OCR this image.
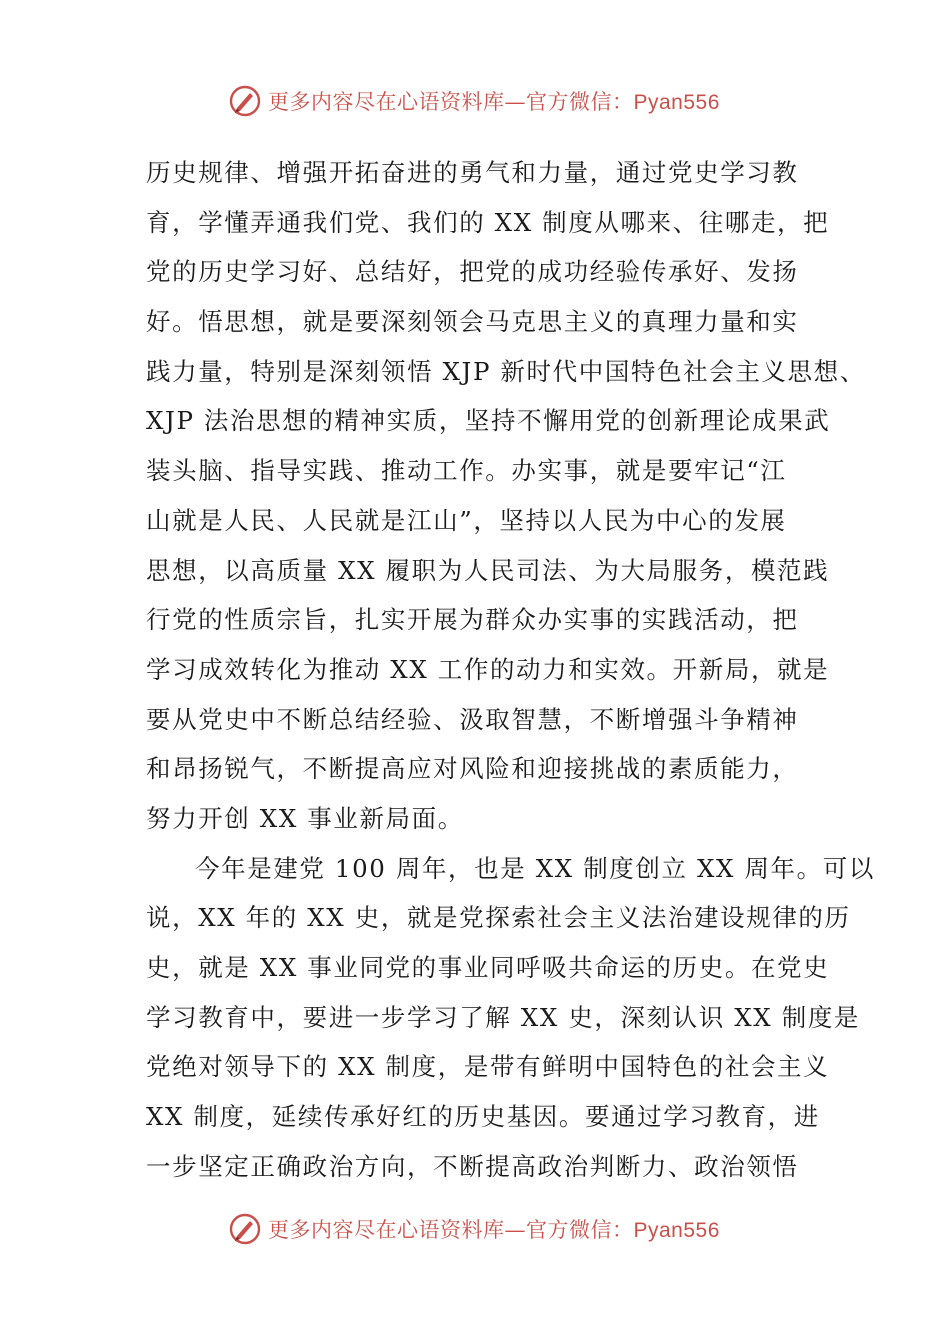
更多内容尽在心语资料库—官方微信：Pyan556
历史规律、增强开拓奋进的勇气和力量，通过党史学习教
育，学懂弄通我们党、我们的 XX 制度从哪来、往哪走，把
党的历史学习好、总结好，把党的成功经验传承好、发扬
好。悟思想，就是要深刻领会马克思主义的真理力量和实
践力量，特别是深刻领悟 XJP 新时代中国特色社会主义思想、
XJP 法治思想的精神实质，坚持不懈用党的创新理论成果武
装头脑、指导实践、推动工作。办实事，就是要牢记“江
山就是人民、人民就是江山”，坚持以人民为中心的发展
思想，以高质量 XX 履职为人民司法、为大局服务，模范践
行党的性质宗旨，扎实开展为群众办实事的实践活动，把
学习成效转化为推动 XX 工作的动力和实效。开新局，就是
要从党史中不断总结经验、汲取智慧，不断增强斗争精神
和昂扬锐气，不断提高应对风险和迎接挑战的素质能力，
努力开创 XX 事业新局面。
今年是建党 100 周年，也是 XX 制度创立 XX 周年。可以
说，XX 年的 XX 史，就是党探索社会主义法治建设规律的历
史，就是 XX 事业同党的事业同呼吸共命运的历史。在党史
学习教育中，要进一步学习了解 XX 史，深刻认识 XX 制度是
党绝对领导下的 XX 制度，是带有鲜明中国特色的社会主义
XX 制度，延续传承好红的历史基因。要通过学习教育，进
一步坚定正确政治方向，不断提高政治判断力、政治领悟
更多内容尽在心语资料库—官方微信：Pyan556
